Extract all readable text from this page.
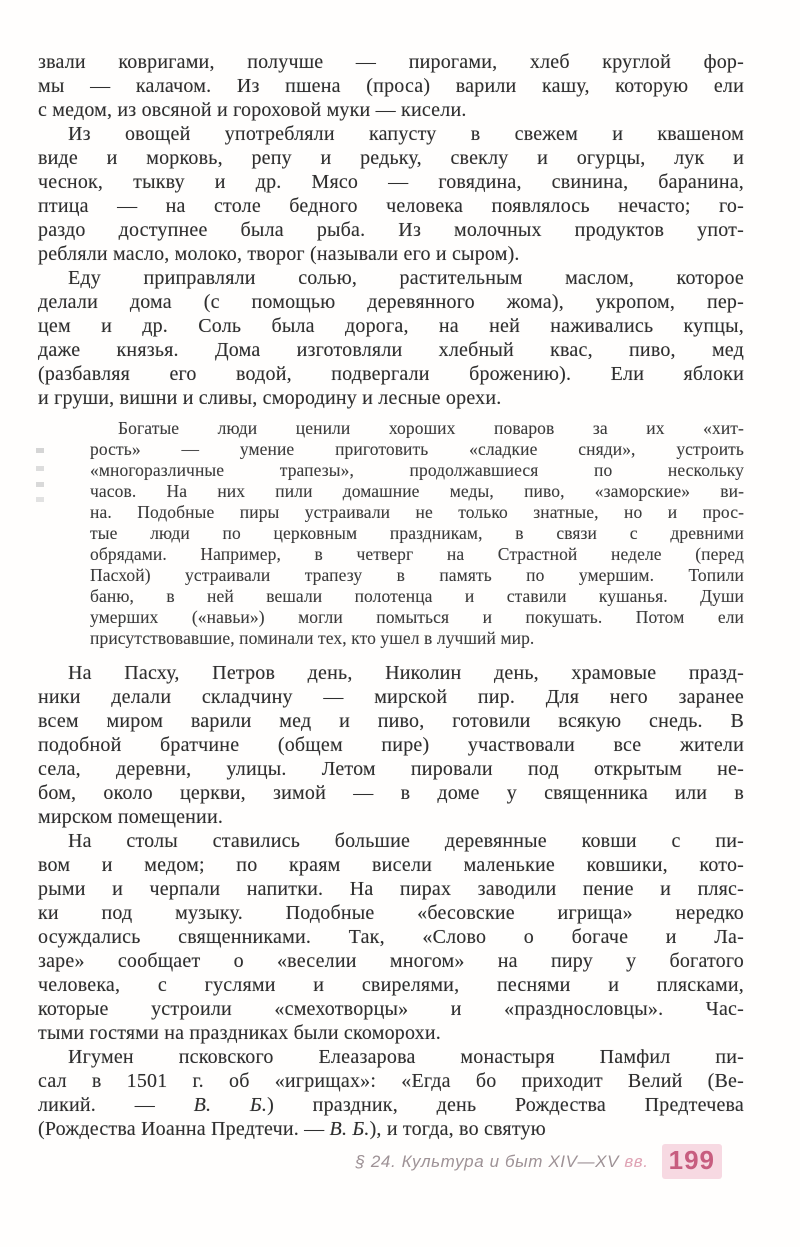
звали ковригами, получше — пирогами, хлеб круглой фор-
мы — калачом. Из пшена (проса) варили кашу, которую ели
с медом, из овсяной и гороховой муки — кисели.
Из овощей употребляли капусту в свежем и квашеном
виде и морковь, репу и редьку, свеклу и огурцы, лук и
чеснок, тыкву и др. Мясо — говядина, свинина, баранина,
птица — на столе бедного человека появлялось нечасто; го-
раздо доступнее была рыба. Из молочных продуктов упот-
ребляли масло, молоко, творог (называли его и сыром).
Еду приправляли солью, растительным маслом, которое
делали дома (с помощью деревянного жома), укропом, пер-
цем и др. Соль была дорога, на ней наживались купцы,
даже князья. Дома изготовляли хлебный квас, пиво, мед
(разбавляя его водой, подвергали брожению). Ели яблоки
и груши, вишни и сливы, смородину и лесные орехи.
Богатые люди ценили хороших поваров за их «хит-
рость» — умение приготовить «сладкие сняди», устроить
«многоразличные трапезы», продолжавшиеся по нескольку
часов. На них пили домашние меды, пиво, «заморские» ви-
на. Подобные пиры устраивали не только знатные, но и прос-
тые люди по церковным праздникам, в связи с древними
обрядами. Например, в четверг на Страстной неделе (перед
Пасхой) устраивали трапезу в память по умершим. Топили
баню, в ней вешали полотенца и ставили кушанья. Души
умерших («навьи») могли помыться и покушать. Потом ели
присутствовавшие, поминали тех, кто ушел в лучший мир.
На Пасху, Петров день, Николин день, храмовые празд-
ники делали складчину — мирской пир. Для него заранее
всем миром варили мед и пиво, готовили всякую снедь. В
подобной братчине (общем пире) участвовали все жители
села, деревни, улицы. Летом пировали под открытым не-
бом, около церкви, зимой — в доме у священника или в
мирском помещении.
На столы ставились большие деревянные ковши с пи-
вом и медом; по краям висели маленькие ковшики, кото-
рыми и черпали напитки. На пирах заводили пение и пляс-
ки под музыку. Подобные «бесовские игрища» нередко
осуждались священниками. Так, «Слово о богаче и Ла-
заре» сообщает о «веселии многом» на пиру у богатого
человека, с гуслями и свирелями, песнями и плясками,
которые устроили «смехотворцы» и «празднословцы». Час-
тыми гостями на праздниках были скоморохи.
Игумен псковского Елеазарова монастыря Памфил пи-
сал в 1501 г. об «игрищах»: «Егда бо приходит Велий (Ве-
ликий. — В. Б.) праздник, день Рождества Предтечева
(Рождества Иоанна Предтечи. — В. Б.), и тогда, во святую
§ 24. Культура и быт XIV—XV вв. 199
